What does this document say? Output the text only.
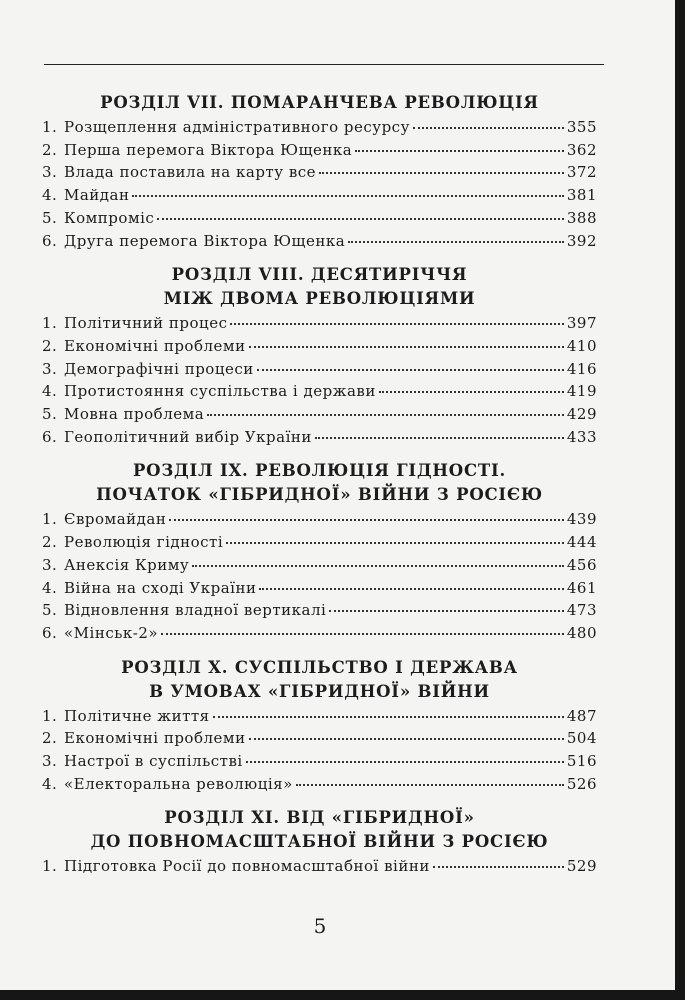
РОЗДІЛ VII. ПОМАРАНЧЕВА РЕВОЛЮЦІЯ
1. Розщеплення адміністративного ресурсу	355
2. Перша перемога Віктора Ющенка	362
3. Влада поставила на карту все	372
4. Майдан	381
5. Компроміс	388
6. Друга перемога Віктора Ющенка	392
РОЗДІЛ VIII. ДЕСЯТИРІЧЧЯ
МІЖ ДВОМА РЕВОЛЮЦІЯМИ
1. Політичний процес	397
2. Економічні проблеми	410
3. Демографічні процеси	416
4. Протистояння суспільства і держави	419
5. Мовна проблема	429
6. Геополітичний вибір України	433
РОЗДІЛ IX. РЕВОЛЮЦІЯ ГІДНОСТІ.
ПОЧАТОК «ГІБРИДНОЇ» ВІЙНИ З РОСІЄЮ
1. Євромайдан	439
2. Революція гідності	444
3. Анексія Криму	456
4. Війна на сході України	461
5. Відновлення владної вертикалі	473
6. «Мінськ-2»	480
РОЗДІЛ X. СУСПІЛЬСТВО І ДЕРЖАВА
В УМОВАХ «ГІБРИДНОЇ» ВІЙНИ
1. Політичне життя	487
2. Економічні проблеми	504
3. Настрої в суспільстві	516
4. «Електоральна революція»	526
РОЗДІЛ XI. ВІД «ГІБРИДНОЇ»
ДО ПОВНОМАСШТАБНОЇ ВІЙНИ З РОСІЄЮ
1. Підготовка Росії до повномасштабної війни	529
5
